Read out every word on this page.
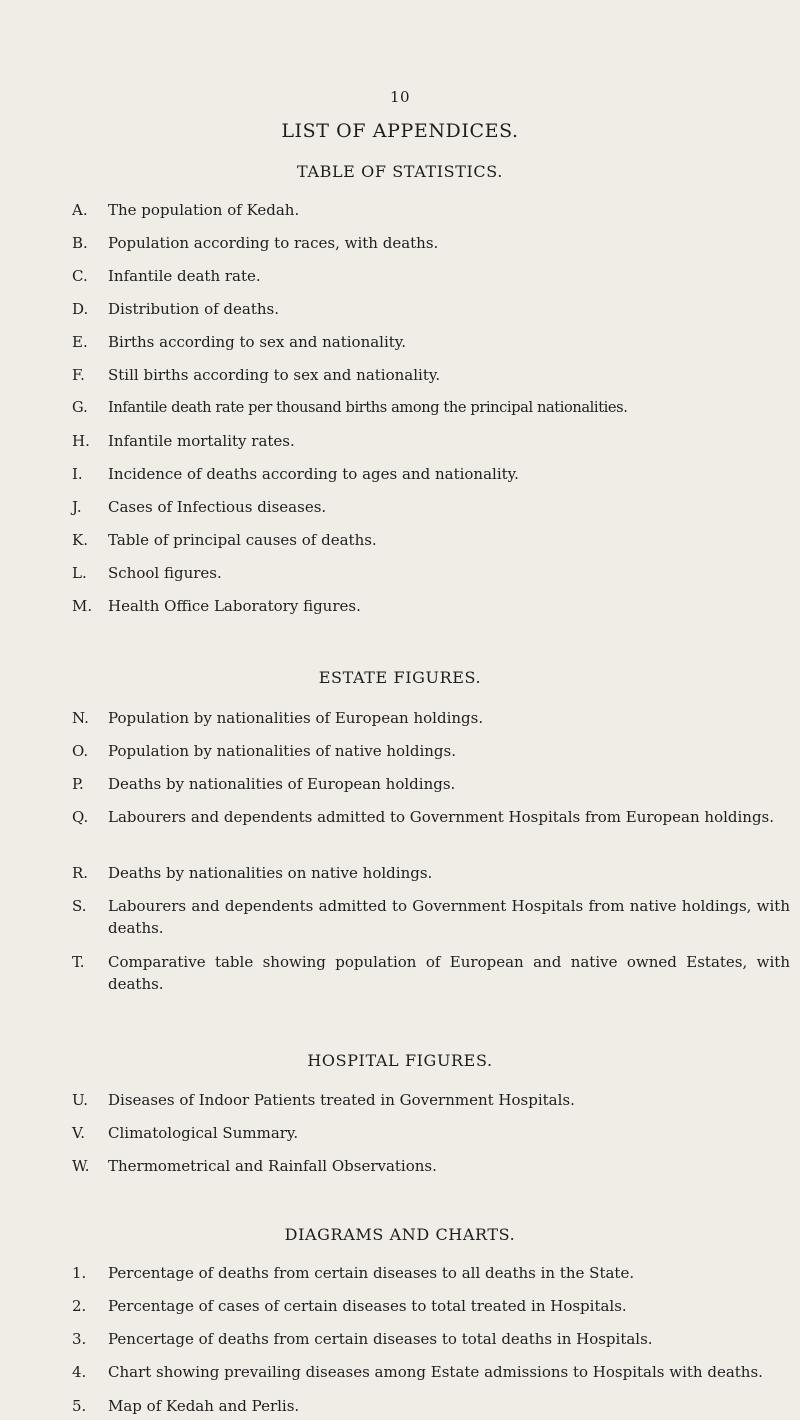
10
LIST OF APPENDICES.
TABLE OF STATISTICS.
A.	The population of Kedah.
B.	Population according to races, with deaths.
C.	Infantile death rate.
D.	Distribution of deaths.
E.	Births according to sex and nationality.
F.	Still births according to sex and nationality.
G.	Infantile death rate per thousand births among the principal nationalities.
H.	Infantile mortality rates.
I.	Incidence of deaths according to ages and nationality.
J.	Cases of Infectious diseases.
K.	Table of principal causes of deaths.
L.	School figures.
M.	Health Office Laboratory figures.
ESTATE FIGURES.
N.	Population by nationalities of European holdings.
O.	Population by nationalities of native holdings.
P.	Deaths by nationalities of European holdings.
Q.	Labourers and dependents admitted to Government Hospitals from European holdings.
R.	Deaths by nationalities on native holdings.
S.	Labourers and dependents admitted to Government Hospitals from native holdings, with deaths.
T.	Comparative table showing population of European and native owned Estates, with deaths.
HOSPITAL FIGURES.
U.	Diseases of Indoor Patients treated in Government Hospitals.
V.	Climatological Summary.
W.	Thermometrical and Rainfall Observations.
DIAGRAMS AND CHARTS.
1.	Percentage of deaths from certain diseases to all deaths in the State.
2.	Percentage of cases of certain diseases to total treated in Hospitals.
3.	Pencertage of deaths from certain diseases to total deaths in Hospitals.
4.	Chart showing prevailing diseases among Estate admissions to Hospitals with deaths.
5.	Map of Kedah and Perlis.
